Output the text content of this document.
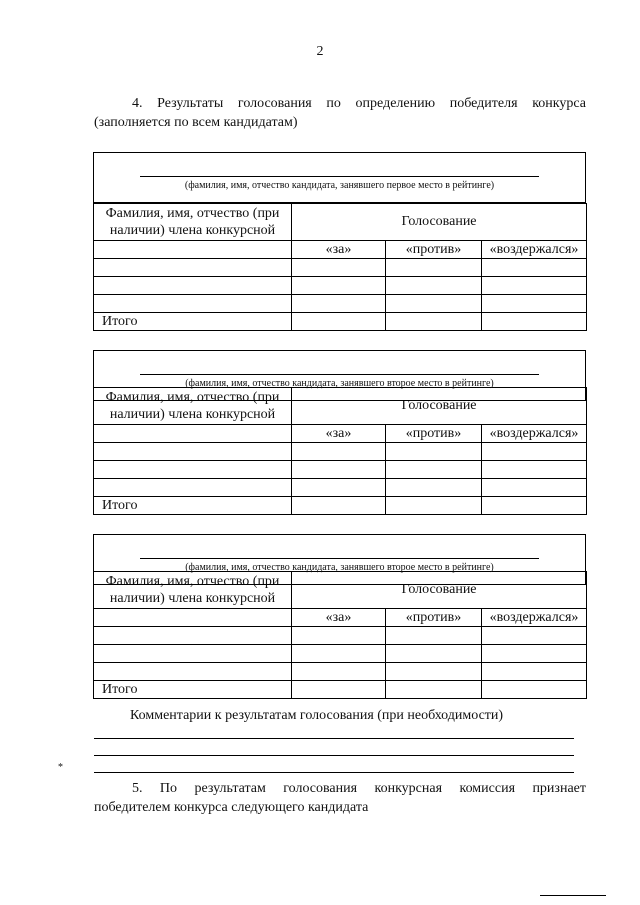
2
4. Результаты голосования по определению победителя конкурса
(заполняется по всем кандидатам)
(фамилия, имя, отчество кандидата, занявшего первое место в рейтинге)
Фамилия, имя, отчество (при наличии) члена конкурсной	Голосование		
	«за»	«против»	«воздержался»

Итого			
(фамилия, имя, отчество кандидата, занявшего второе место в рейтинге)
Фамилия, имя, отчество (при наличии) члена конкурсной	Голосование		
	«за»	«против»	«воздержался»

Итого			
(фамилия, имя, отчество кандидата, занявшего второе место в рейтинге)
Фамилия, имя, отчество (при наличии) члена конкурсной	Голосование		
	«за»	«против»	«воздержался»

Итого			
Комментарии к результатам голосования (при необходимости)
*
5. По результатам голосования конкурсная комиссия признает
победителем конкурса следующего кандидата
